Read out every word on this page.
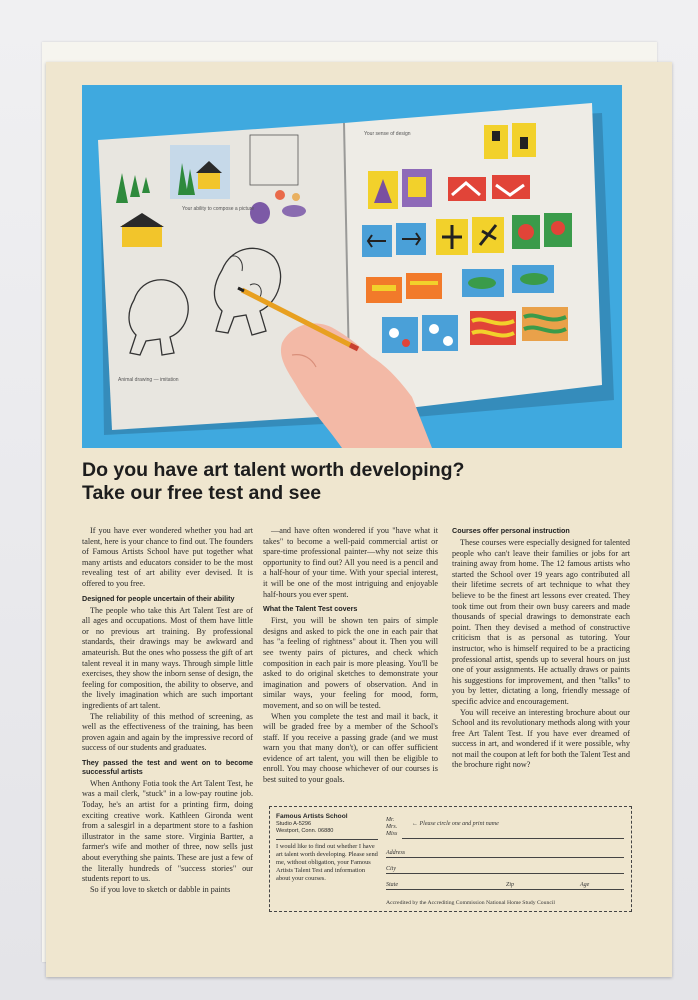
Your ability to compose a picture
Animal drawing — imitation
Your sense of design
Do you have art talent worth developing?
Take our free test and see

If you have ever wondered whether you had art talent, here is your chance to find out. The founders of Famous Artists School have put together what many artists and educators consider to be the most revealing test of art ability ever devised. It is offered to you free.

Designed for people uncertain of their ability

The people who take this Art Talent Test are of all ages and occupations. Most of them have little or no previous art training. By professional standards, their drawings may be awkward and amateurish. But the ones who possess the gift of art talent reveal it in many ways. Through simple little exercises, they show the inborn sense of design, the feeling for composition, the ability to observe, and the lively imagination which are such important ingredients of art talent.

The reliability of this method of screening, as well as the effectiveness of the training, has been proven again and again by the impressive record of success of our students and graduates.

They passed the test and went on to become successful artists

When Anthony Fotia took the Art Talent Test, he was a mail clerk, "stuck" in a low-pay routine job. Today, he's an artist for a printing firm, doing exciting creative work. Kathleen Gironda went from a salesgirl in a department store to a fashion illustrator in the same store. Virginia Bartter, a farmer's wife and mother of three, now sells just about everything she paints. These are just a few of the literally hundreds of "success stories" our students report to us.

So if you love to sketch or dabble in paints

—and have often wondered if you "have what it takes" to become a well-paid commercial artist or spare-time professional painter—why not seize this opportunity to find out? All you need is a pencil and a half-hour of your time. With your special interest, it will be one of the most intriguing and enjoyable half-hours you ever spent.

What the Talent Test covers

First, you will be shown ten pairs of simple designs and asked to pick the one in each pair that has "a feeling of rightness" about it. Then you will see twenty pairs of pictures, and check which composition in each pair is more pleasing. You'll be asked to do original sketches to demonstrate your imagination and powers of observation. And in similar ways, your feeling for mood, form, movement, and so on will be tested.

When you complete the test and mail it back, it will be graded free by a member of the School's staff. If you receive a passing grade (and we must warn you that many don't), or can offer sufficient evidence of art talent, you will then be eligible to enroll. You may choose whichever of our courses is best suited to your goals.

Courses offer personal instruction

These courses were especially designed for talented people who can't leave their families or jobs for art training away from home. The 12 famous artists who started the School over 19 years ago contributed all their lifetime secrets of art technique to what they believe to be the finest art lessons ever created. They took time out from their own busy careers and made thousands of special drawings to demonstrate each point. Then they devised a method of constructive criticism that is as personal as tutoring. Your instructor, who is himself required to be a practicing professional artist, spends up to several hours on just one of your assignments. He actually draws or paints his suggestions for improvement, and then "talks" to you by letter, dictating a long, friendly message of specific advice and encouragement.

You will receive an interesting brochure about our School and its revolutionary methods along with your free Art Talent Test. If you have ever dreamed of success in art, and wondered if it were possible, why not mail the coupon at left for both the Talent Test and the brochure right now?

Famous Artists School
Studio A-5296
Westport, Conn. 06880
I would like to find out whether I have art talent worth developing. Please send me, without obligation, your Famous Artists Talent Test and information about your courses.
Mr.
Mrs.
Miss
← Please circle one and print name
Address
City
State	Zip	Age
Accredited by the Accrediting Commission National Home Study Council
